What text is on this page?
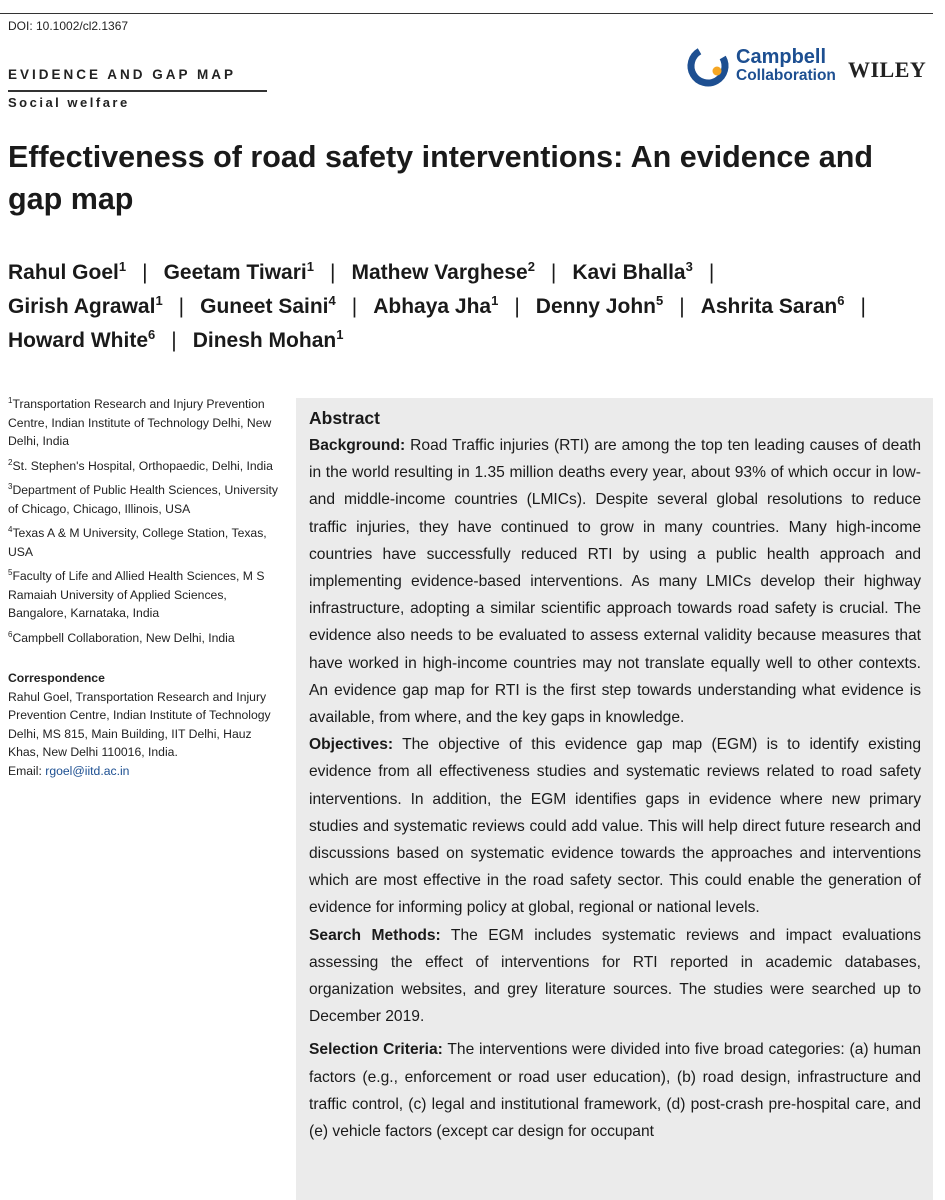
DOI: 10.1002/cl2.1367
EVIDENCE AND GAP MAP
Social welfare
Campbell
Collaboration WILEY
Effectiveness of road safety interventions: An evidence and gap map
Rahul Goel$^1$ | Geetam Tiwari$^1$ | Mathew Varghese$^2$ | Kavi Bhalla$^3$ |
Girish Agrawal$^1$ | Guneet Saini$^4$ | Abhaya Jha$^1$ | Denny John$^5$ | Ashrita Saran$^6$ |
Howard White$^6$ | Dinesh Mohan$^1$
$^1$Transportation Research and Injury Prevention Centre, Indian Institute of Technology Delhi, New Delhi, India
$^2$St. Stephen's Hospital, Orthopaedic, Delhi, India
$^3$Department of Public Health Sciences, University of Chicago, Chicago, Illinois, USA
$^4$Texas A & M University, College Station, Texas, USA
$^5$Faculty of Life and Allied Health Sciences, M S Ramaiah University of Applied Sciences, Bangalore, Karnataka, India
$^6$Campbell Collaboration, New Delhi, India
Correspondence
Rahul Goel, Transportation Research and Injury Prevention Centre, Indian Institute of Technology Delhi, MS 815, Main Building, IIT Delhi, Hauz Khas, New Delhi 110016, India.
Email: rgoel@iitd.ac.in
Abstract

Background: Road Traffic injuries (RTI) are among the top ten leading causes of death in the world resulting in 1.35 million deaths every year, about 93% of which occur in low- and middle-income countries (LMICs). Despite several global resolutions to reduce traffic injuries, they have continued to grow in many countries. Many high-income countries have successfully reduced RTI by using a public health approach and implementing evidence-based interventions. As many LMICs develop their highway infrastructure, adopting a similar scientific approach towards road safety is crucial. The evidence also needs to be evaluated to assess external validity because measures that have worked in high-income countries may not translate equally well to other contexts. An evidence gap map for RTI is the first step towards understanding what evidence is available, from where, and the key gaps in knowledge.

Objectives: The objective of this evidence gap map (EGM) is to identify existing evidence from all effectiveness studies and systematic reviews related to road safety interventions. In addition, the EGM identifies gaps in evidence where new primary studies and systematic reviews could add value. This will help direct future research and discussions based on systematic evidence towards the approaches and interventions which are most effective in the road safety sector. This could enable the generation of evidence for informing policy at global, regional or national levels.

Search Methods: The EGM includes systematic reviews and impact evaluations assessing the effect of interventions for RTI reported in academic databases, organization websites, and grey literature sources. The studies were searched up to December 2019.

Selection Criteria: The interventions were divided into five broad categories: (a) human factors (e.g., enforcement or road user education), (b) road design, infrastructure and traffic control, (c) legal and institutional framework, (d) post-crash pre-hospital care, and (e) vehicle factors (except car design for occupant
